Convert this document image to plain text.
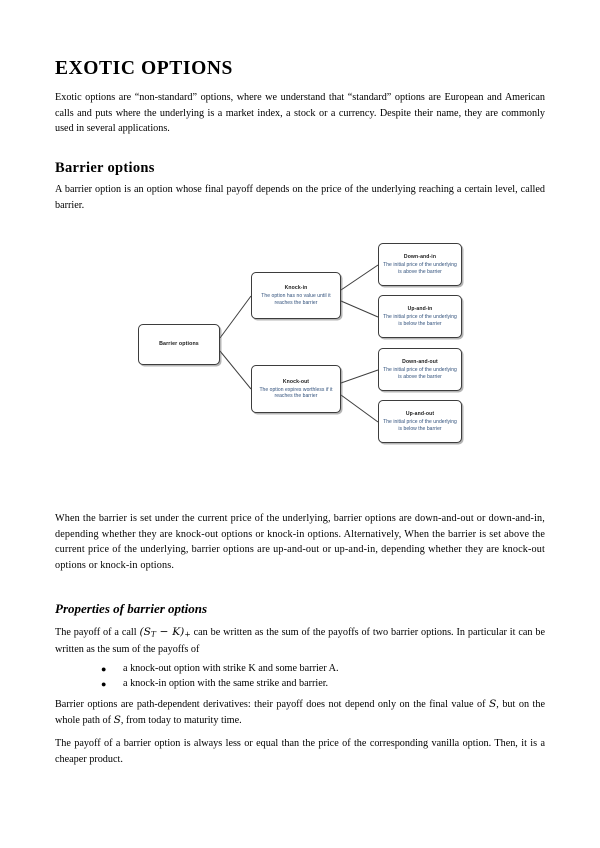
EXOTIC OPTIONS

Exotic options are “non-standard” options, where we understand that “standard” options are European and American calls and puts where the underlying is a market index, a stock or a currency. Despite their name, they are commonly used in several applications.

Barrier options

A barrier option is an option whose final payoff depends on the price of the underlying reaching a certain level, called barrier.

When the barrier is set under the current price of the underlying, barrier options are down-and-out or down-and-in, depending whether they are knock-out options or knock-in options. Alternatively, When the barrier is set above the current price of the underlying, barrier options are up-and-out or up-and-in, depending whether they are knock-out options or knock-in options.

Properties of barrier options

The payoff of a call $(S_T - K)+$ can be written as the sum of the payoffs of two barrier options. In particular it can be written as the sum of the payoffs of

● a knock-out option with strike K and some barrier A.
● a knock-in option with the same strike and barrier.

Barrier options are path-dependent derivatives: their payoff does not depend only on the final value of S, but on the whole path of S, from today to maturity time.

The payoff of a barrier option is always less or equal than the price of the corresponding vanilla option. Then, it is a cheaper product.

Barrier options
Knock-in
The option has no value until it reaches the barrier
Knock-out
The option expires worthless if it reaches the barrier
Down-and-in
The initial price of the underlying is above the barrier
Up-and-in
The initial price of the underlying is below the barrier
Down-and-out
The initial price of the underlying is above the barrier
Up-and-out
The initial price of the underlying is below the barrier
